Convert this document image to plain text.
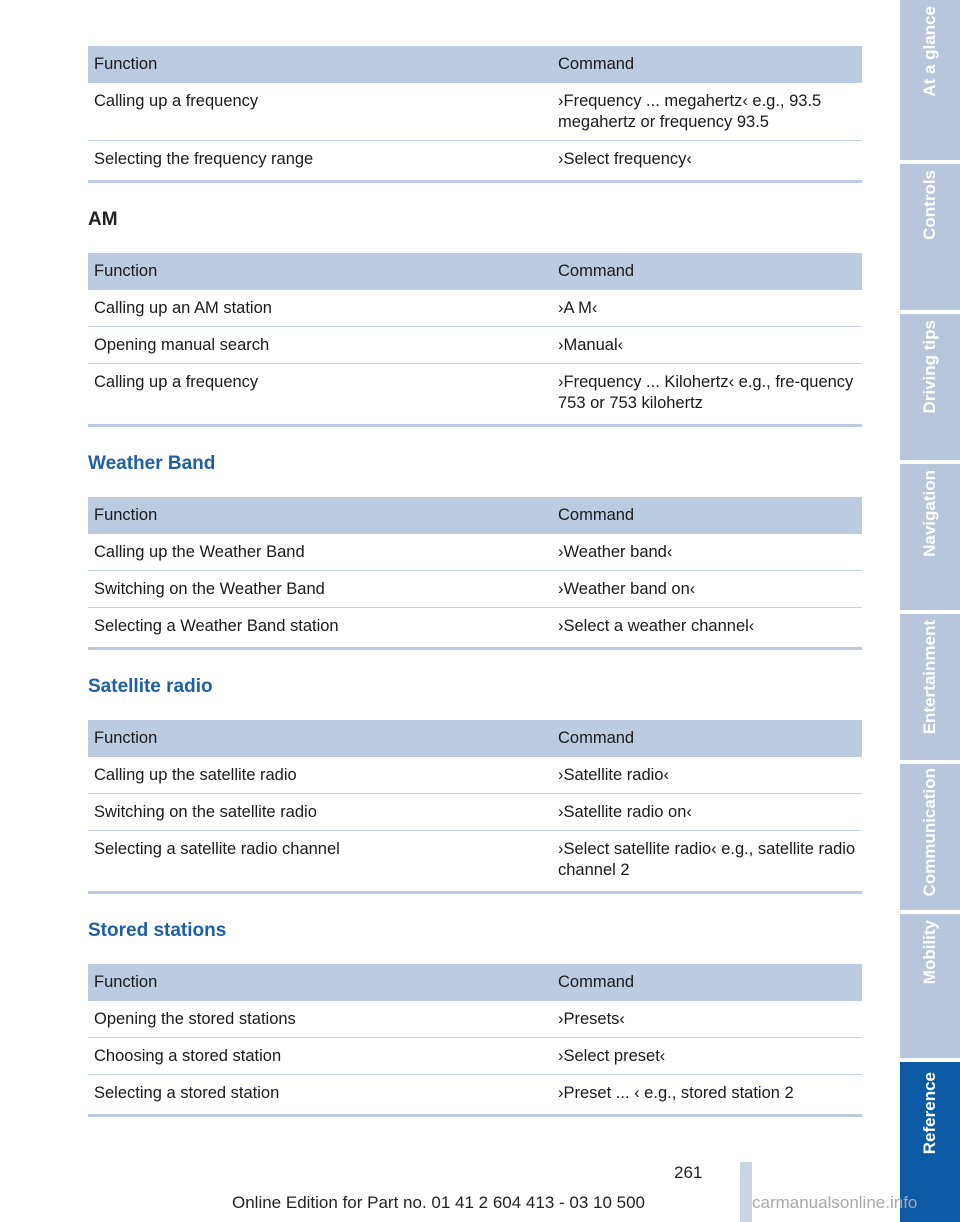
Function	Command
Calling up a frequency	›Frequency ... megahertz‹ e.g., 93.5 megahertz or frequency 93.5
Selecting the frequency range	›Select frequency‹
AM
Function	Command
Calling up an AM station	›A M‹
Opening manual search	›Manual‹
Calling up a frequency	›Frequency ... Kilohertz‹ e.g., fre-quency 753 or 753 kilohertz
Weather Band
Function	Command
Calling up the Weather Band	›Weather band‹
Switching on the Weather Band	›Weather band on‹
Selecting a Weather Band station	›Select a weather channel‹
Satellite radio
Function	Command
Calling up the satellite radio	›Satellite radio‹
Switching on the satellite radio	›Satellite radio on‹
Selecting a satellite radio channel	›Select satellite radio‹ e.g., satellite radio channel 2
Stored stations
Function	Command
Opening the stored stations	›Presets‹
Choosing a stored station	›Select preset‹
Selecting a stored station	›Preset ... ‹ e.g., stored station 2
At a glance
Controls
Driving tips
Navigation
Entertainment
Communication
Mobility
Reference
261
Online Edition for Part no. 01 41 2 604 413 - 03 10 500	carmanualsonline.info
